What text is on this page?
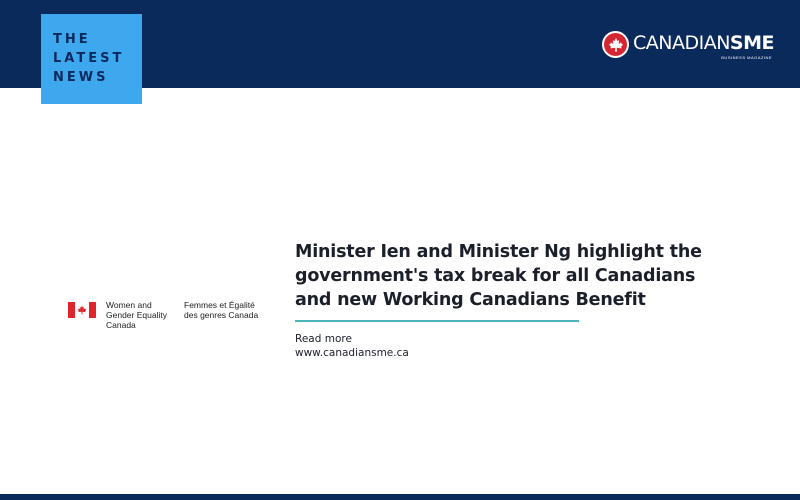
THE
LATEST
NEWS
CANADIANSME
BUSINESS MAGAZINE
Women and Gender Equality Canada
Femmes et Égalité des genres Canada
Minister Ien and Minister Ng highlight the government's tax break for all Canadians and new Working Canadians Benefit
Read more
www.canadiansme.ca
